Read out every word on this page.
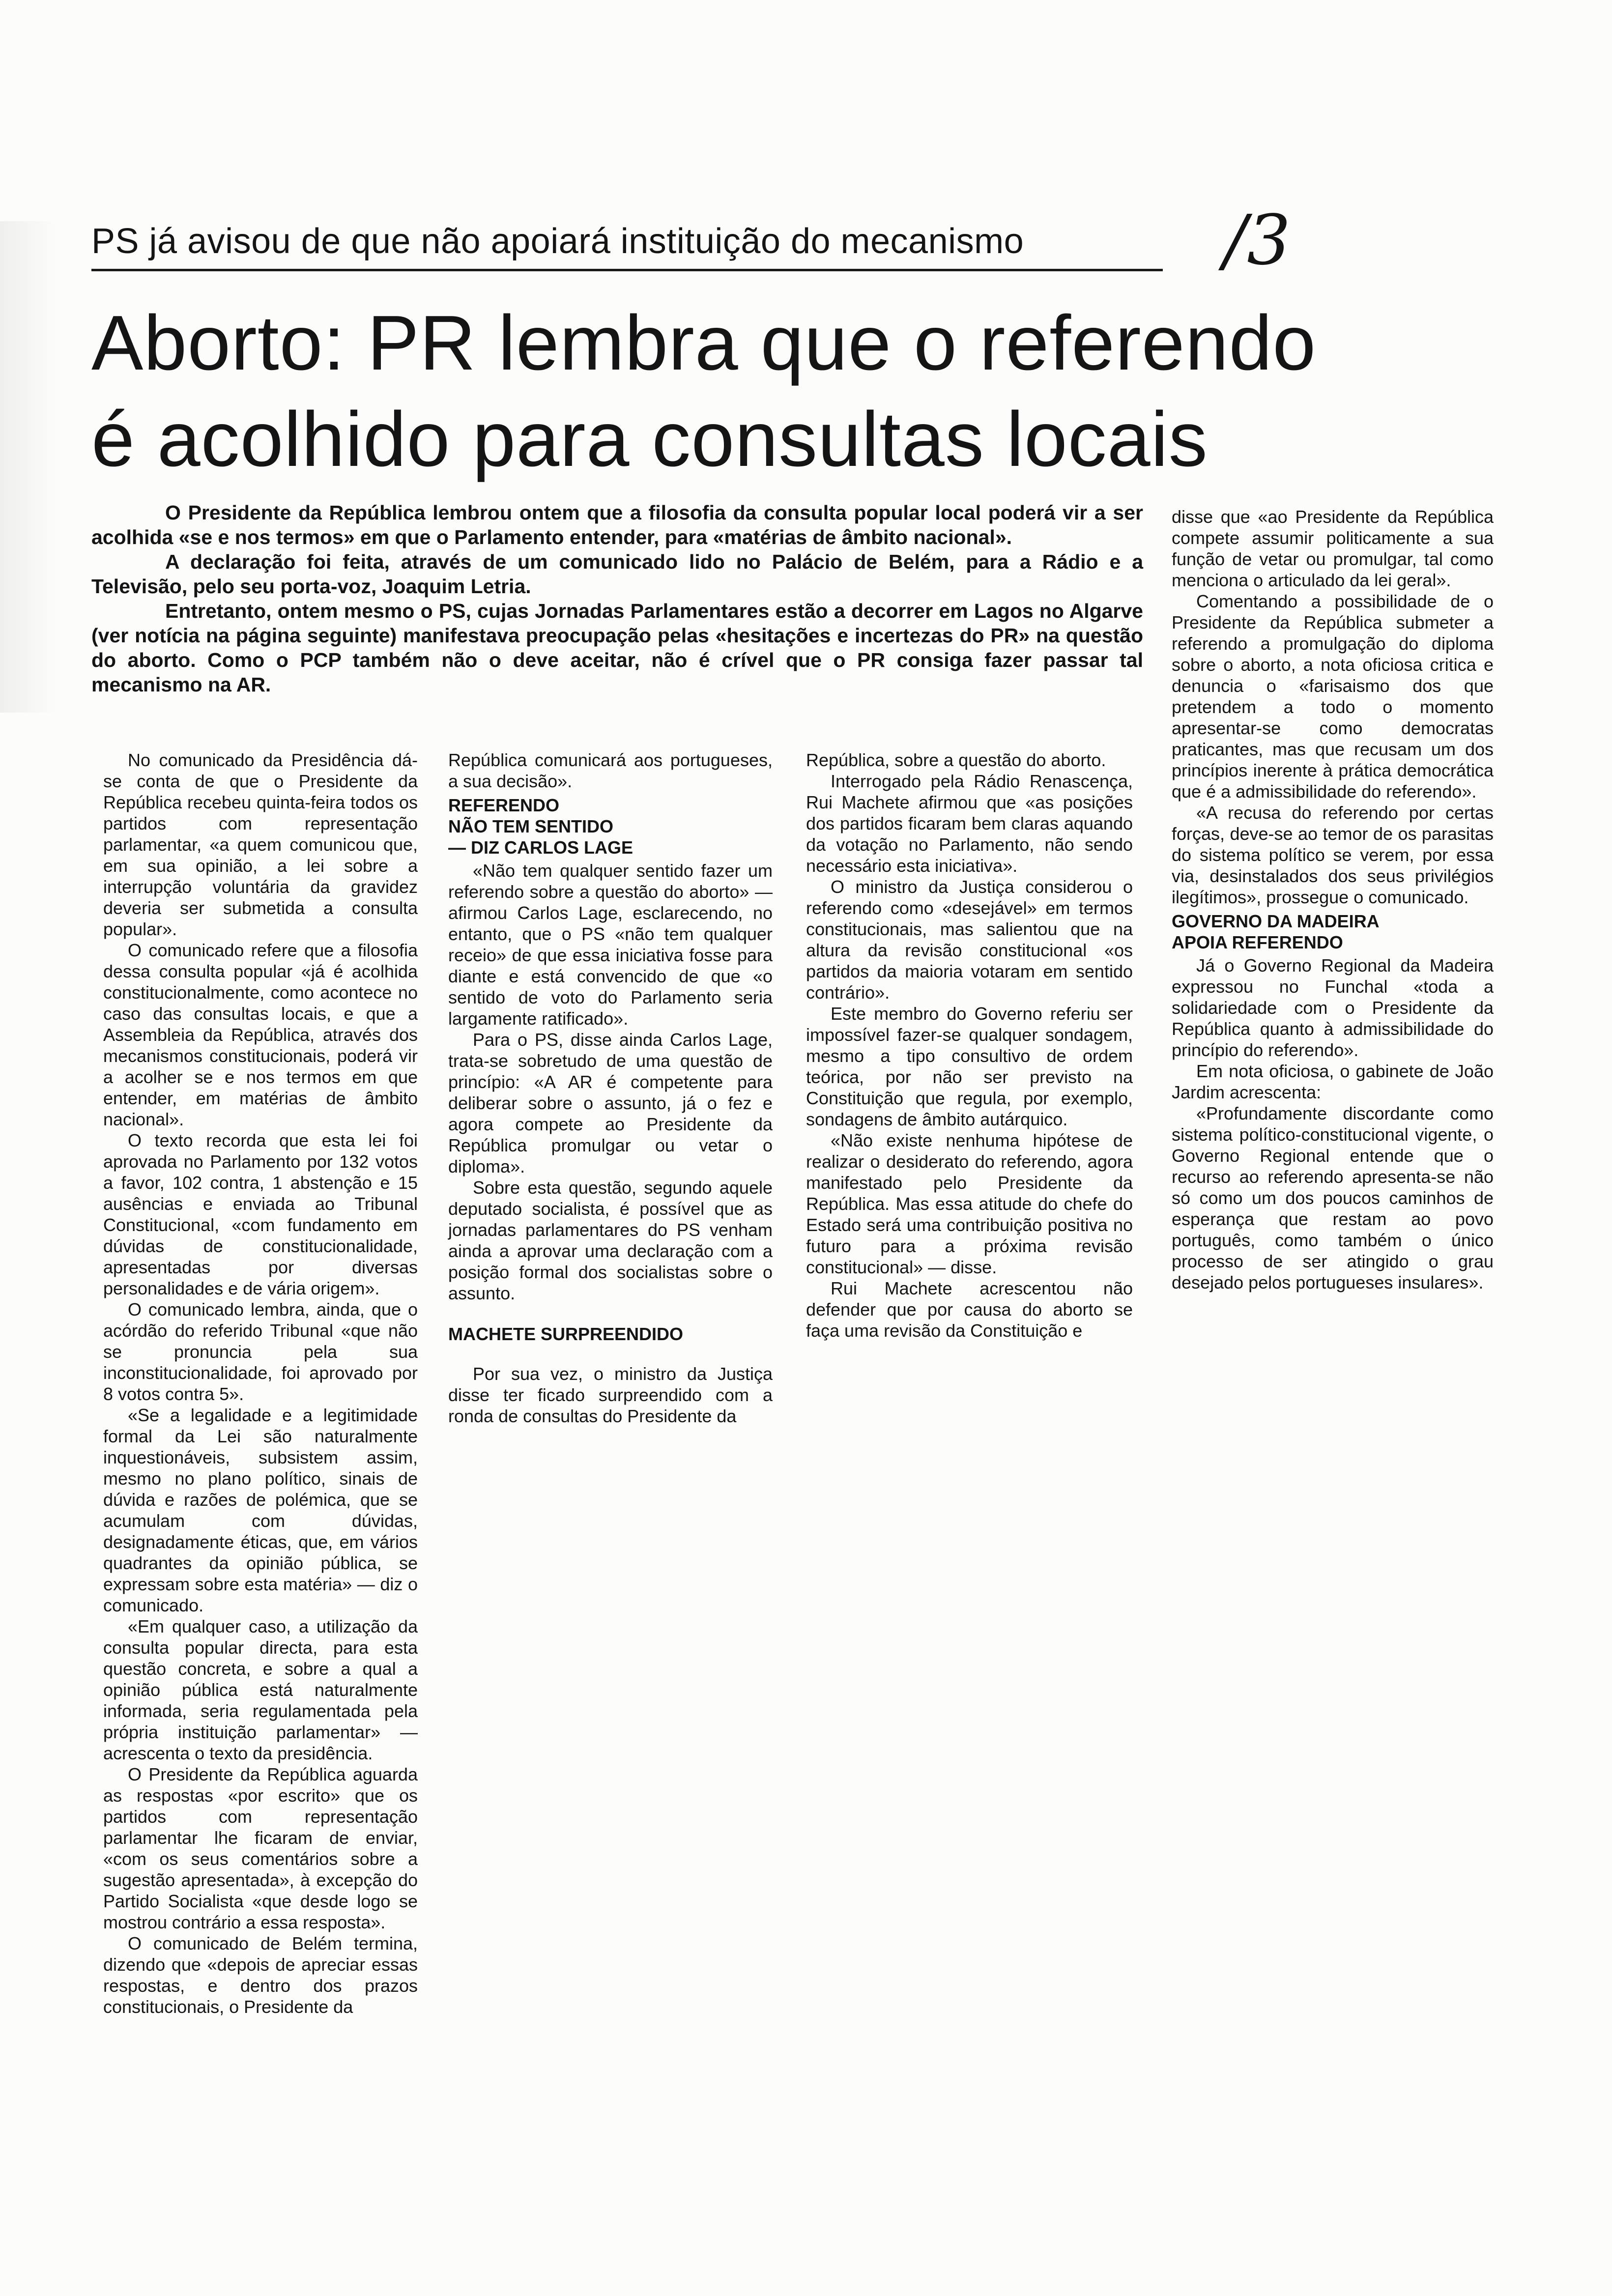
PS já avisou de que não apoiará instituição do mecanismo	/3
Aborto: PR lembra que o referendo
é acolhido para consultas locais

O Presidente da República lembrou ontem que a filosofia da consulta popular local poderá vir a ser acolhida «se e nos termos» em que o Parlamento entender, para «matérias de âmbito nacional».

A declaração foi feita, através de um comunicado lido no Palácio de Belém, para a Rádio e a Televisão, pelo seu porta-voz, Joaquim Letria.

Entretanto, ontem mesmo o PS, cujas Jornadas Parlamentares estão a decorrer em Lagos no Algarve (ver notícia na página seguinte) manifestava preocupação pelas «hesitações e incertezas do PR» na questão do aborto. Como o PCP também não o deve aceitar, não é crível que o PR consiga fazer passar tal mecanismo na AR.

No comunicado da Presidência dá-se conta de que o Presidente da República recebeu quinta-feira todos os partidos com representação parlamentar, «a quem comunicou que, em sua opinião, a lei sobre a interrupção voluntária da gravidez deveria ser submetida a consulta popular».

O comunicado refere que a filosofia dessa consulta popular «já é acolhida constitucionalmente, como acontece no caso das consultas locais, e que a Assembleia da República, através dos mecanismos constitucionais, poderá vir a acolher se e nos termos em que entender, em matérias de âmbito nacional».

O texto recorda que esta lei foi aprovada no Parlamento por 132 votos a favor, 102 contra, 1 abstenção e 15 ausências e enviada ao Tribunal Constitucional, «com fundamento em dúvidas de constitucionalidade, apresentadas por diversas personalidades e de vária origem».

O comunicado lembra, ainda, que o acórdão do referido Tribunal «que não se pronuncia pela sua inconstitucionalidade, foi aprovado por 8 votos contra 5».

«Se a legalidade e a legitimidade formal da Lei são naturalmente inquestionáveis, subsistem assim, mesmo no plano político, sinais de dúvida e razões de polémica, que se acumulam com dúvidas, designadamente éticas, que, em vários quadrantes da opinião pública, se expressam sobre esta matéria» — diz o comunicado.

«Em qualquer caso, a utilização da consulta popular directa, para esta questão concreta, e sobre a qual a opinião pública está naturalmente informada, seria regulamentada pela própria instituição parlamentar» — acrescenta o texto da presidência.

O Presidente da República aguarda as respostas «por escrito» que os partidos com representação parlamentar lhe ficaram de enviar, «com os seus comentários sobre a sugestão apresentada», à excepção do Partido Socialista «que desde logo se mostrou contrário a essa resposta».

O comunicado de Belém termina, dizendo que «depois de apreciar essas respostas, e dentro dos prazos constitucionais, o Presidente da

República comunicará aos portugueses, a sua decisão».

REFERENDO
NÃO TEM SENTIDO
— DIZ CARLOS LAGE

«Não tem qualquer sentido fazer um referendo sobre a questão do aborto» — afirmou Carlos Lage, esclarecendo, no entanto, que o PS «não tem qualquer receio» de que essa iniciativa fosse para diante e está convencido de que «o sentido de voto do Parlamento seria largamente ratificado».

Para o PS, disse ainda Carlos Lage, trata-se sobretudo de uma questão de princípio: «A AR é competente para deliberar sobre o assunto, já o fez e agora compete ao Presidente da República promulgar ou vetar o diploma».

Sobre esta questão, segundo aquele deputado socialista, é possível que as jornadas parlamentares do PS venham ainda a aprovar uma declaração com a posição formal dos socialistas sobre o assunto.

MACHETE SURPREENDIDO

Por sua vez, o ministro da Justiça disse ter ficado surpreendido com a ronda de consultas do Presidente da

República, sobre a questão do aborto.

Interrogado pela Rádio Renascença, Rui Machete afirmou que «as posições dos partidos ficaram bem claras aquando da votação no Parlamento, não sendo necessário esta iniciativa».

O ministro da Justiça considerou o referendo como «desejável» em termos constitucionais, mas salientou que na altura da revisão constitucional «os partidos da maioria votaram em sentido contrário».

Este membro do Governo referiu ser impossível fazer-se qualquer sondagem, mesmo a tipo consultivo de ordem teórica, por não ser previsto na Constituição que regula, por exemplo, sondagens de âmbito autárquico.

«Não existe nenhuma hipótese de realizar o desiderato do referendo, agora manifestado pelo Presidente da República. Mas essa atitude do chefe do Estado será uma contribuição positiva no futuro para a próxima revisão constitucional» — disse.

Rui Machete acrescentou não defender que por causa do aborto se faça uma revisão da Constituição e

disse que «ao Presidente da República compete assumir politicamente a sua função de vetar ou promulgar, tal como menciona o articulado da lei geral».

Comentando a possibilidade de o Presidente da República submeter a referendo a promulgação do diploma sobre o aborto, a nota oficiosa critica e denuncia o «farisaismo dos que pretendem a todo o momento apresentar-se como democratas praticantes, mas que recusam um dos princípios inerente à prática democrática que é a admissibilidade do referendo».

«A recusa do referendo por certas forças, deve-se ao temor de os parasitas do sistema político se verem, por essa via, desinstalados dos seus privilégios ilegítimos», prossegue o comunicado.

GOVERNO DA MADEIRA
APOIA REFERENDO

Já o Governo Regional da Madeira expressou no Funchal «toda a solidariedade com o Presidente da República quanto à admissibilidade do princípio do referendo».

Em nota oficiosa, o gabinete de João Jardim acrescenta:

«Profundamente discordante como sistema político-constitucional vigente, o Governo Regional entende que o recurso ao referendo apresenta-se não só como um dos poucos caminhos de esperança que restam ao povo português, como também o único processo de ser atingido o grau desejado pelos portugueses insulares».
